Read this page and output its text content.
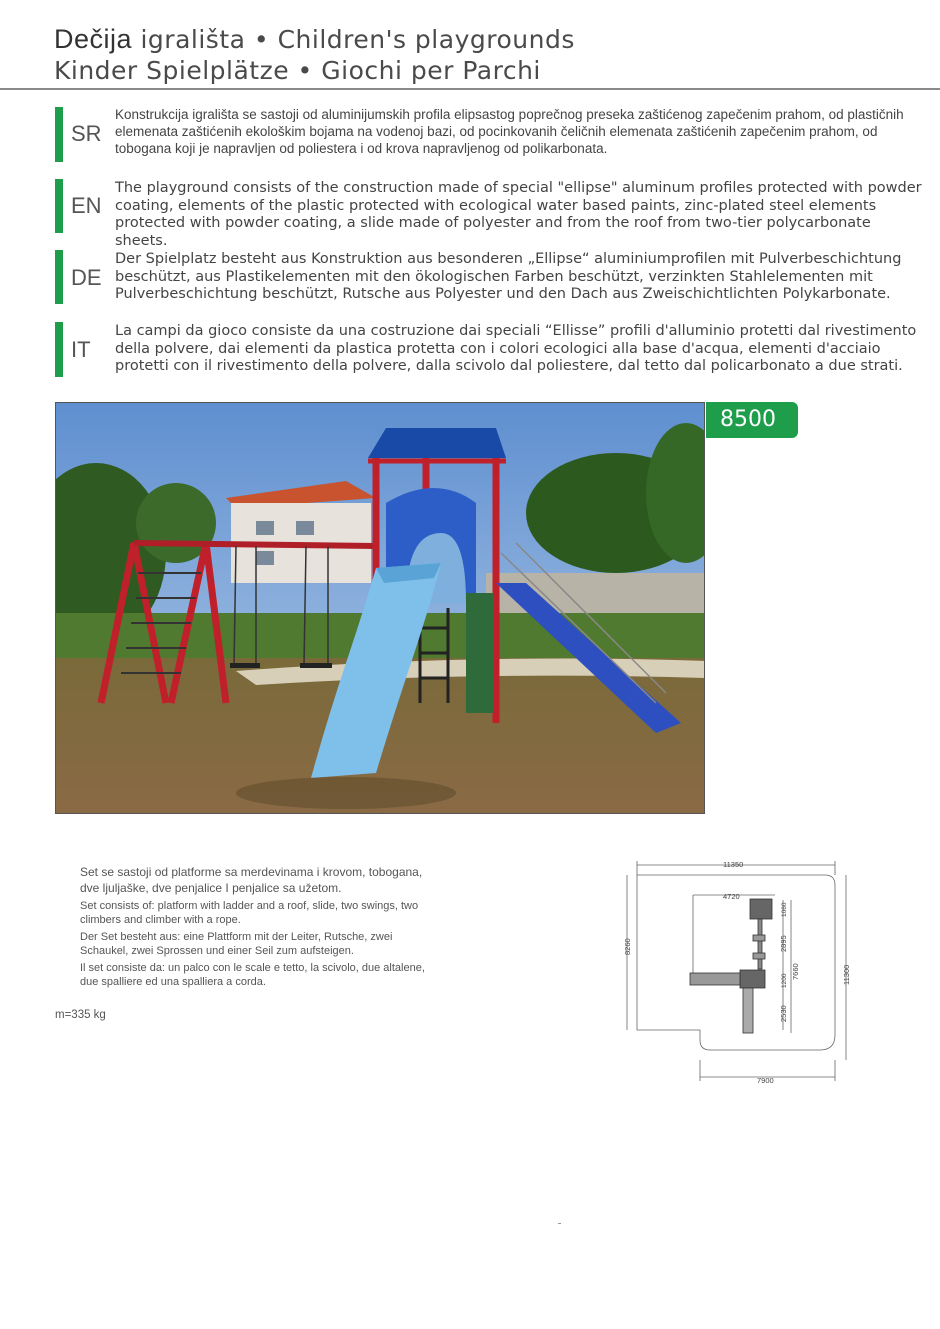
Dečija igrališta • Children's playgrounds
Kinder Spielplätze • Giochi per Parchi
SR
Konstrukcija igrališta se sastoji od aluminijumskih profila elipsastog poprečnog preseka zaštićenog zapečenim prahom, od plastičnih elemenata zaštićenih ekološkim bojama na vodenoj bazi, od pocinkovanih čeličnih elemenata zaštićenih zapečenim prahom, od tobogana koji je napravljen od poliestera i od krova napravljenog od polikarbonata.
EN
The playground consists of the construction made of special "ellipse" aluminum profiles protected with powder coating, elements of the plastic protected with ecological water based paints, zinc-plated steel elements protected with powder coating, a slide made of polyester and from the roof from two-tier polycarbonate sheets.
DE
Der Spielplatz besteht aus Konstruktion aus besonderen „Ellipse“ aluminiumprofilen mit Pulverbeschichtung beschützt, aus Plastikelementen mit den ökologischen Farben beschützt, verzinkten Stahlelementen mit Pulverbeschichtung beschützt, Rutsche aus Polyester und den Dach aus Zweischichtlichten Polykarbonate.
IT
La campi da gioco consiste da una costruzione dai speciali “Ellisse” profili d'alluminio protetti dal rivestimento della polvere, dai elementi da plastica protetta con i colori ecologici alla base d'acqua, elementi d'acciaio protetti con il rivestimento della polvere, dalla scivolo dal poliestere, dal tetto dal policarbonato a due strati.
8500
Set se sastoji od platforme sa merdevinama i krovom, tobogana, dve ljuljaške, dve penjalice I penjalice sa užetom.
Set consists of: platform with ladder and a roof, slide, two swings, two climbers and climber with a rope.
Der Set besteht aus: eine Plattform mit der Leiter, Rutsche, zwei Schaukel, zwei Sprossen und einer Seil zum aufsteigen.
Il set consiste da: un palco con le scale e tetto, la scivolo, due altalene, due spalliere ed una spalliera a corda.
m=335 kg
11350
4720
7900
8260
11300
1060
2895
1200
2530
7660
